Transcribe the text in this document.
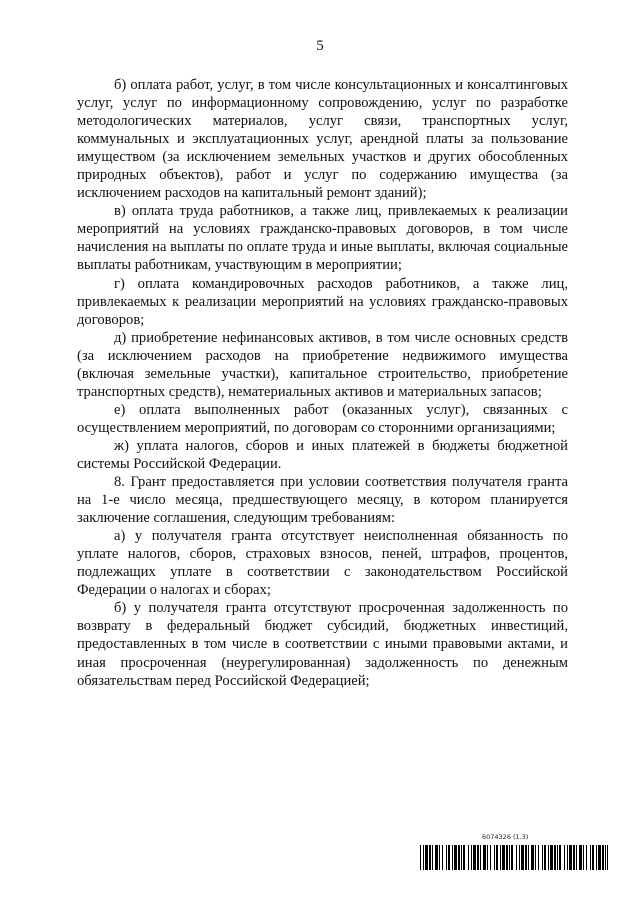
5

б) оплата работ, услуг, в том числе консультационных и консалтинговых услуг, услуг по информационному сопровождению, услуг по разработке методологических материалов, услуг связи, транспортных услуг, коммунальных и эксплуатационных услуг, арендной платы за пользование имуществом (за исключением земельных участков и других обособленных природных объектов), работ и услуг по содержанию имущества (за исключением расходов на капитальный ремонт зданий);

в) оплата труда работников, а также лиц, привлекаемых к реализации мероприятий на условиях гражданско-правовых договоров, в том числе начисления на выплаты по оплате труда и иные выплаты, включая социальные выплаты работникам, участвующим в мероприятии;

г) оплата командировочных расходов работников, а также лиц, привлекаемых к реализации мероприятий на условиях гражданско-правовых договоров;

д) приобретение нефинансовых активов, в том числе основных средств (за исключением расходов на приобретение недвижимого имущества (включая земельные участки), капитальное строительство, приобретение транспортных средств), нематериальных активов и материальных запасов;

е) оплата выполненных работ (оказанных услуг), связанных с осуществлением мероприятий, по договорам со сторонними организациями;

ж) уплата налогов, сборов и иных платежей в бюджеты бюджетной системы Российской Федерации.

8. Грант предоставляется при условии соответствия получателя гранта на 1-е число месяца, предшествующего месяцу, в котором планируется заключение соглашения, следующим требованиям:

а) у получателя гранта отсутствует неисполненная обязанность по уплате налогов, сборов, страховых взносов, пеней, штрафов, процентов, подлежащих уплате в соответствии с законодательством Российской Федерации о налогах и сборах;

б) у получателя гранта отсутствуют просроченная задолженность по возврату в федеральный бюджет субсидий, бюджетных инвестиций, предоставленных в том числе в соответствии с иными правовыми актами, и иная просроченная (неурегулированная) задолженность по денежным обязательствам перед Российской Федерацией;

6074326 (1.3)
